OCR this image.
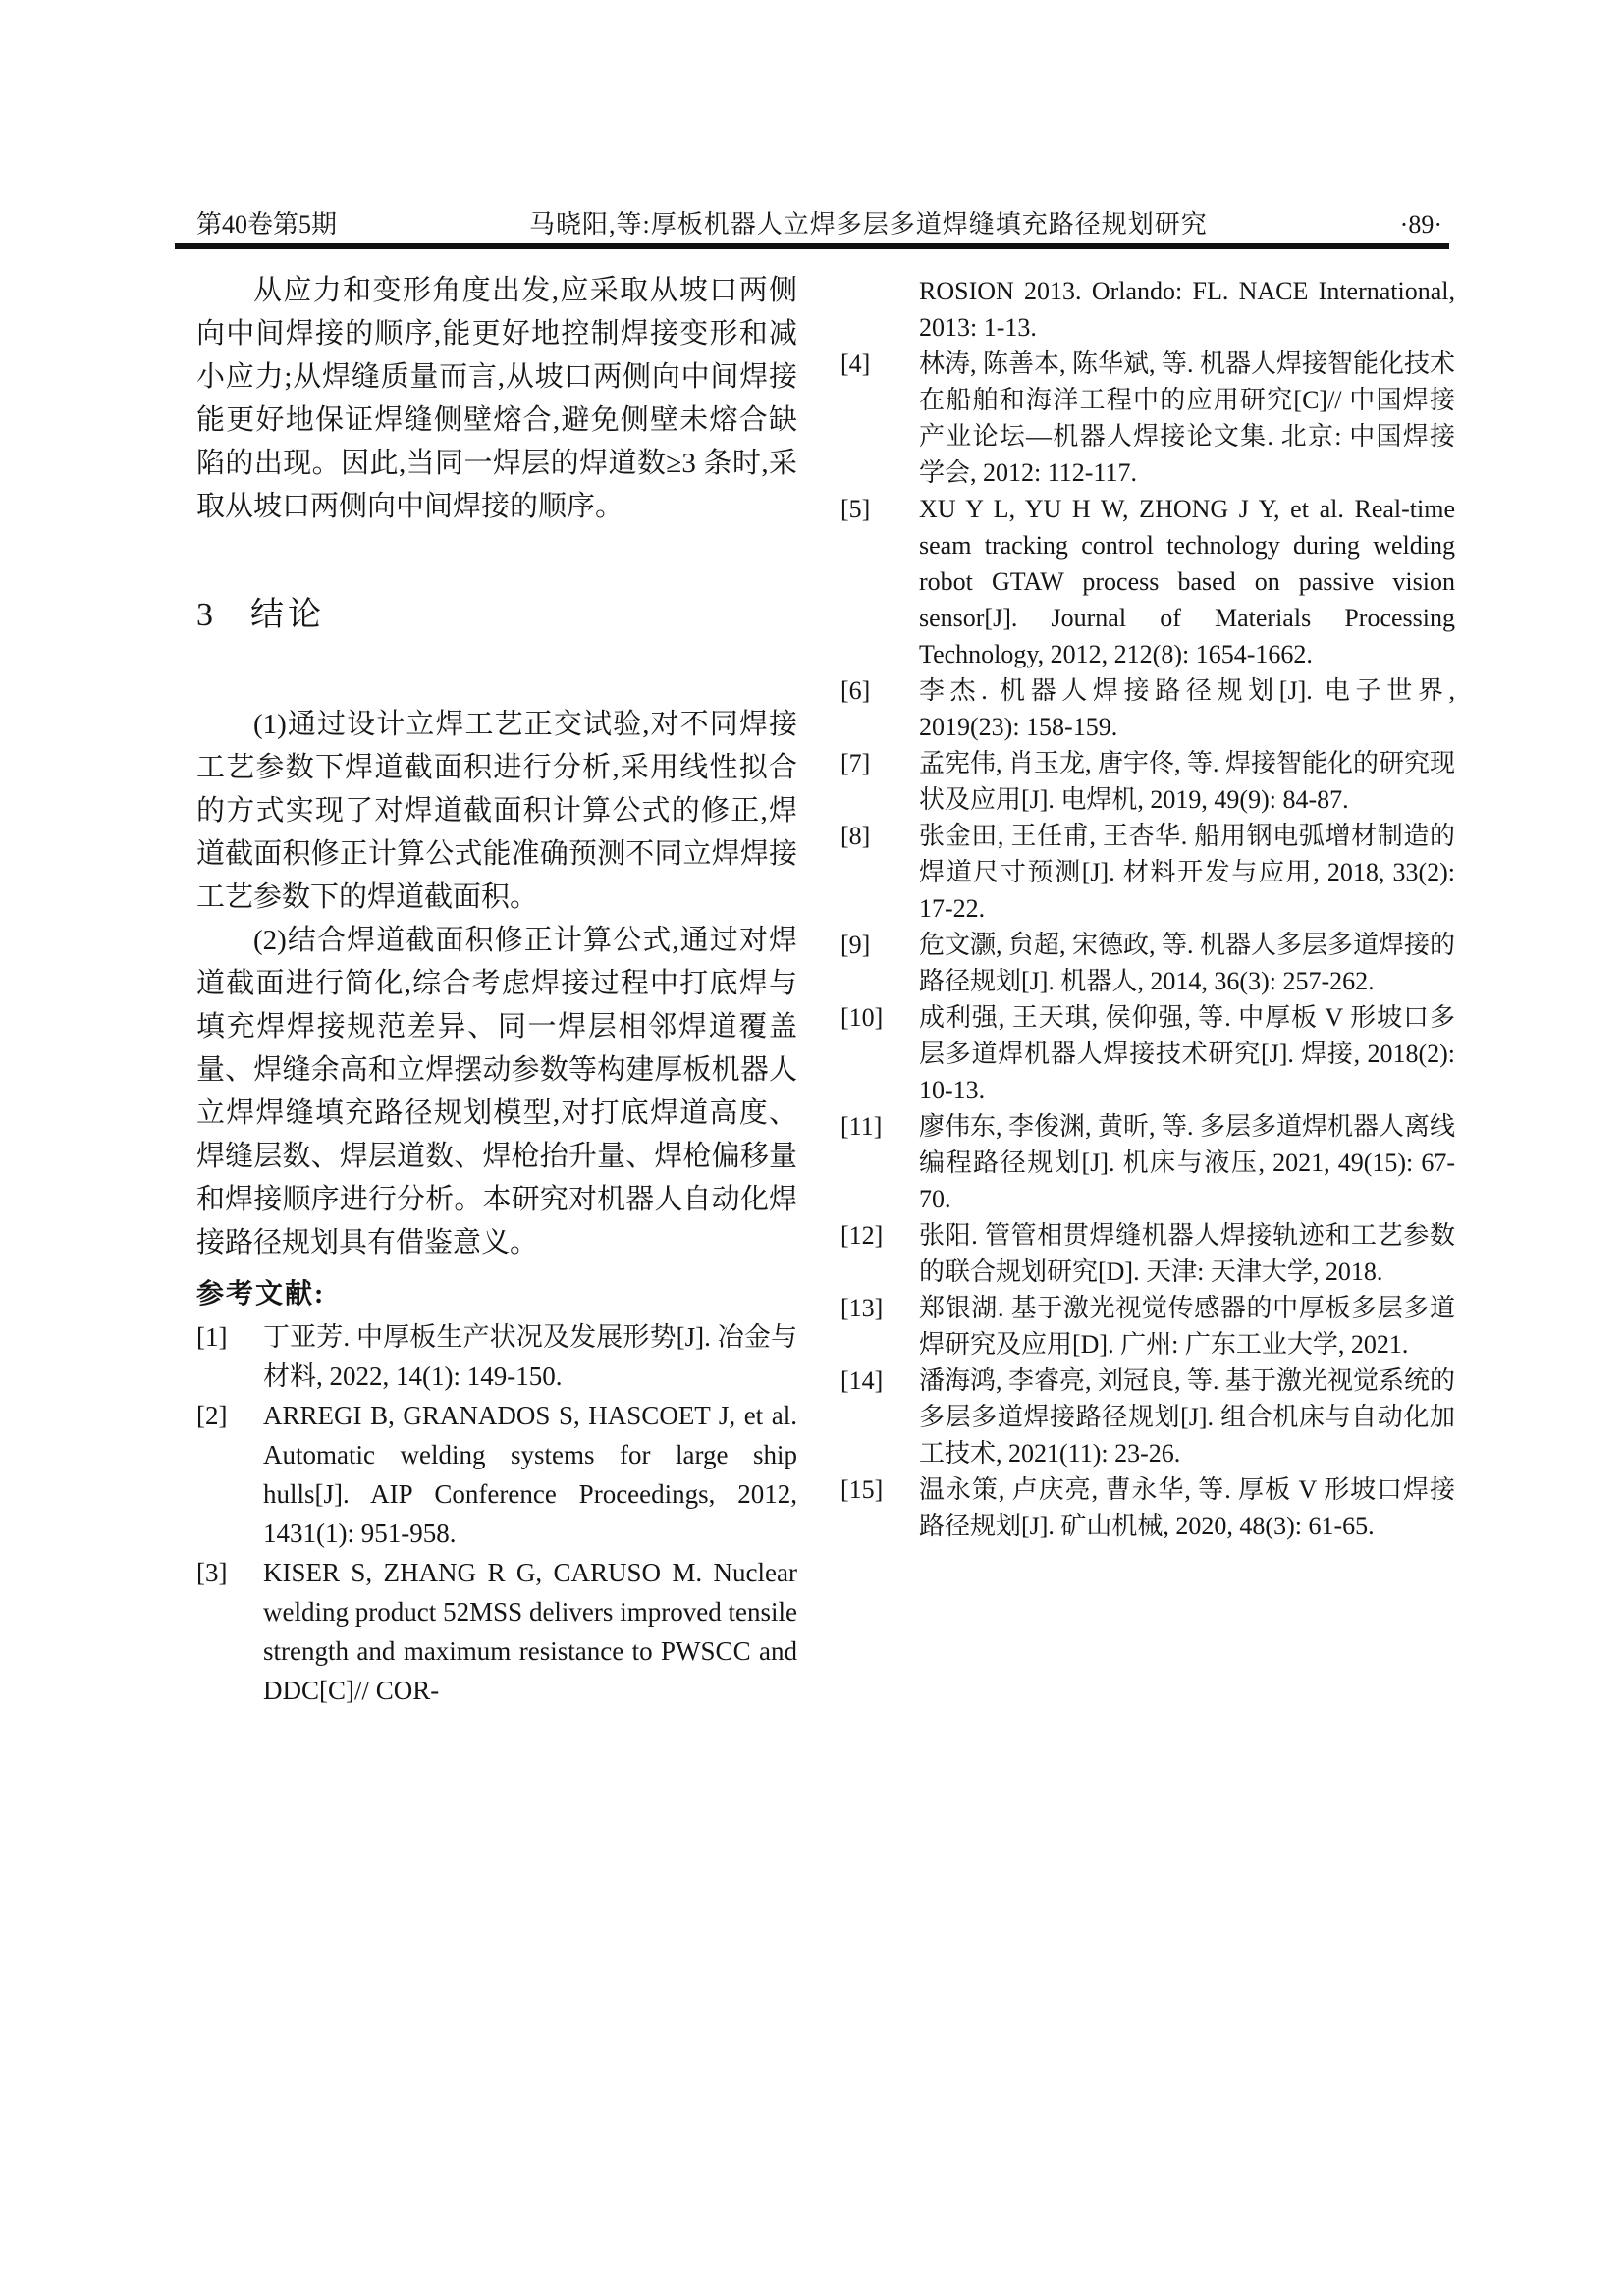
第40卷第5期	马晓阳,等:厚板机器人立焊多层多道焊缝填充路径规划研究	·89·

从应力和变形角度出发,应采取从坡口两侧向中间焊接的顺序,能更好地控制焊接变形和减小应力;从焊缝质量而言,从坡口两侧向中间焊接能更好地保证焊缝侧壁熔合,避免侧壁未熔合缺陷的出现。因此,当同一焊层的焊道数≥3 条时,采取从坡口两侧向中间焊接的顺序。

3 结论

(1)通过设计立焊工艺正交试验,对不同焊接工艺参数下焊道截面积进行分析,采用线性拟合的方式实现了对焊道截面积计算公式的修正,焊道截面积修正计算公式能准确预测不同立焊焊接工艺参数下的焊道截面积。

(2)结合焊道截面积修正计算公式,通过对焊道截面进行简化,综合考虑焊接过程中打底焊与填充焊焊接规范差异、同一焊层相邻焊道覆盖量、焊缝余高和立焊摆动参数等构建厚板机器人立焊焊缝填充路径规划模型,对打底焊道高度、焊缝层数、焊层道数、焊枪抬升量、焊枪偏移量和焊接顺序进行分析。本研究对机器人自动化焊接路径规划具有借鉴意义。

参考文献:
[1] 丁亚芳. 中厚板生产状况及发展形势[J]. 冶金与材料, 2022, 14(1): 149-150.
[2] ARREGI B, GRANADOS S, HASCOET J, et al. Automatic welding systems for large ship hulls[J]. AIP Conference Proceedings, 2012, 1431(1): 951-958.
[3] KISER S, ZHANG R G, CARUSO M. Nuclear welding product 52MSS delivers improved tensile strength and maximum resistance to PWSCC and DDC[C]// COR-
ROSION 2013. Orlando: FL. NACE International, 2013: 1-13.
[4] 林涛, 陈善本, 陈华斌, 等. 机器人焊接智能化技术在船舶和海洋工程中的应用研究[C]// 中国焊接产业论坛—机器人焊接论文集. 北京: 中国焊接学会, 2012: 112-117.
[5] XU Y L, YU H W, ZHONG J Y, et al. Real-time seam tracking control technology during welding robot GTAW process based on passive vision sensor[J]. Journal of Materials Processing Technology, 2012, 212(8): 1654-1662.
[6] 李杰. 机器人焊接路径规划[J]. 电子世界, 2019(23): 158-159.
[7] 孟宪伟, 肖玉龙, 唐宇佟, 等. 焊接智能化的研究现状及应用[J]. 电焊机, 2019, 49(9): 84-87.
[8] 张金田, 王任甫, 王杏华. 船用钢电弧增材制造的焊道尺寸预测[J]. 材料开发与应用, 2018, 33(2): 17-22.
[9] 危文灏, 贠超, 宋德政, 等. 机器人多层多道焊接的路径规划[J]. 机器人, 2014, 36(3): 257-262.
[10] 成利强, 王天琪, 侯仰强, 等. 中厚板 V 形坡口多层多道焊机器人焊接技术研究[J]. 焊接, 2018(2): 10-13.
[11] 廖伟东, 李俊渊, 黄昕, 等. 多层多道焊机器人离线编程路径规划[J]. 机床与液压, 2021, 49(15): 67-70.
[12] 张阳. 管管相贯焊缝机器人焊接轨迹和工艺参数的联合规划研究[D]. 天津: 天津大学, 2018.
[13] 郑银湖. 基于激光视觉传感器的中厚板多层多道焊研究及应用[D]. 广州: 广东工业大学, 2021.
[14] 潘海鸿, 李睿亮, 刘冠良, 等. 基于激光视觉系统的多层多道焊接路径规划[J]. 组合机床与自动化加工技术, 2021(11): 23-26.
[15] 温永策, 卢庆亮, 曹永华, 等. 厚板 V 形坡口焊接路径规划[J]. 矿山机械, 2020, 48(3): 61-65.
